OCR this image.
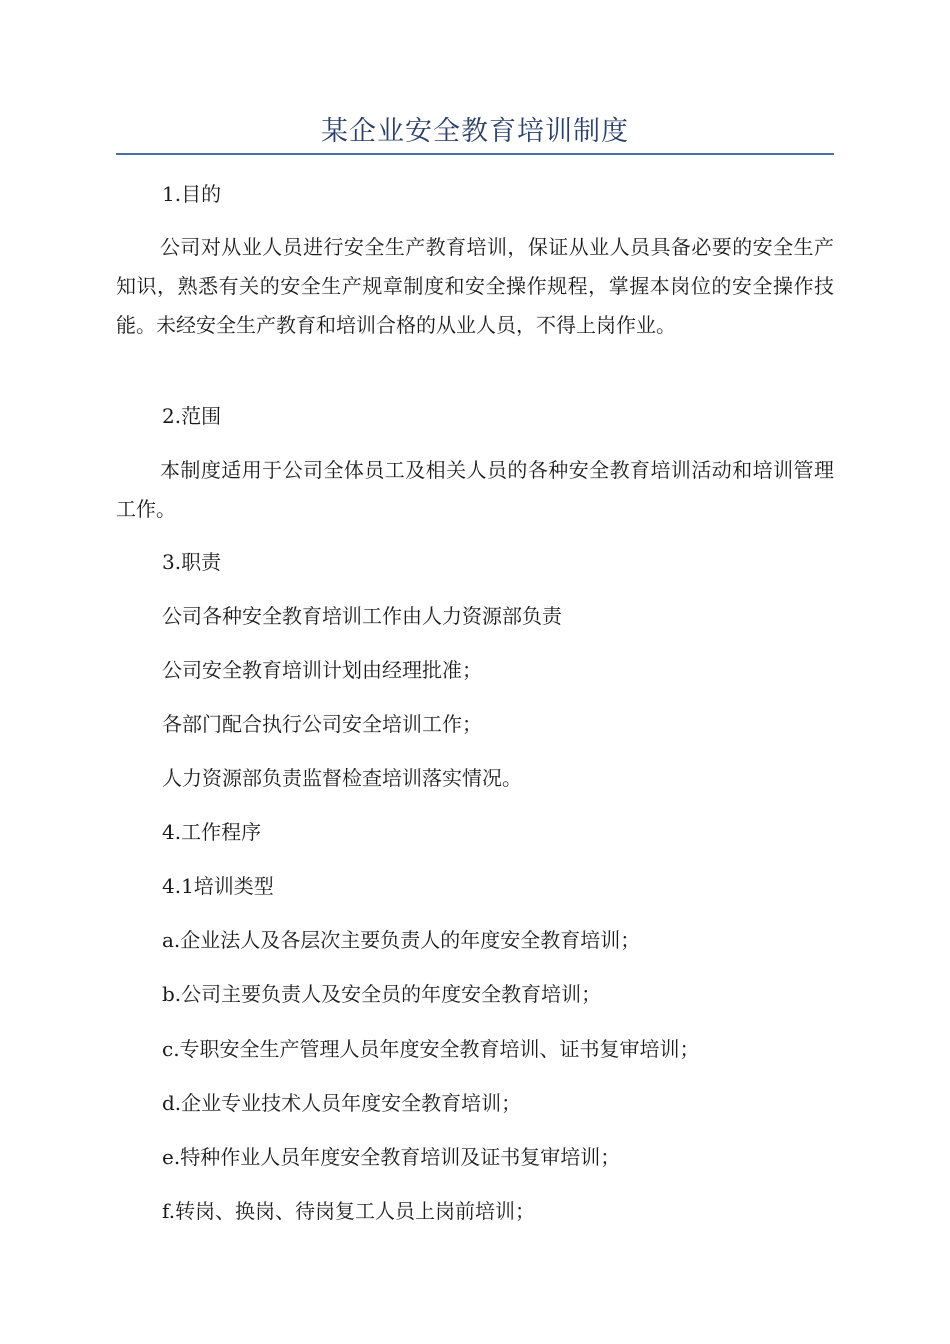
某企业安全教育培训制度

1.目的

公司对从业人员进行安全生产教育培训，保证从业人员具备必要的安全生产知识，熟悉有关的安全生产规章制度和安全操作规程，掌握本岗位的安全操作技能。未经安全生产教育和培训合格的从业人员，不得上岗作业。

2.范围

本制度适用于公司全体员工及相关人员的各种安全教育培训活动和培训管理工作。

3.职责

公司各种安全教育培训工作由人力资源部负责

公司安全教育培训计划由经理批准；

各部门配合执行公司安全培训工作；

人力资源部负责监督检查培训落实情况。

4.工作程序

4.1培训类型

a.企业法人及各层次主要负责人的年度安全教育培训；

b.公司主要负责人及安全员的年度安全教育培训；

c.专职安全生产管理人员年度安全教育培训、证书复审培训；

d.企业专业技术人员年度安全教育培训；

e.特种作业人员年度安全教育培训及证书复审培训；

f.转岗、换岗、待岗复工人员上岗前培训；
